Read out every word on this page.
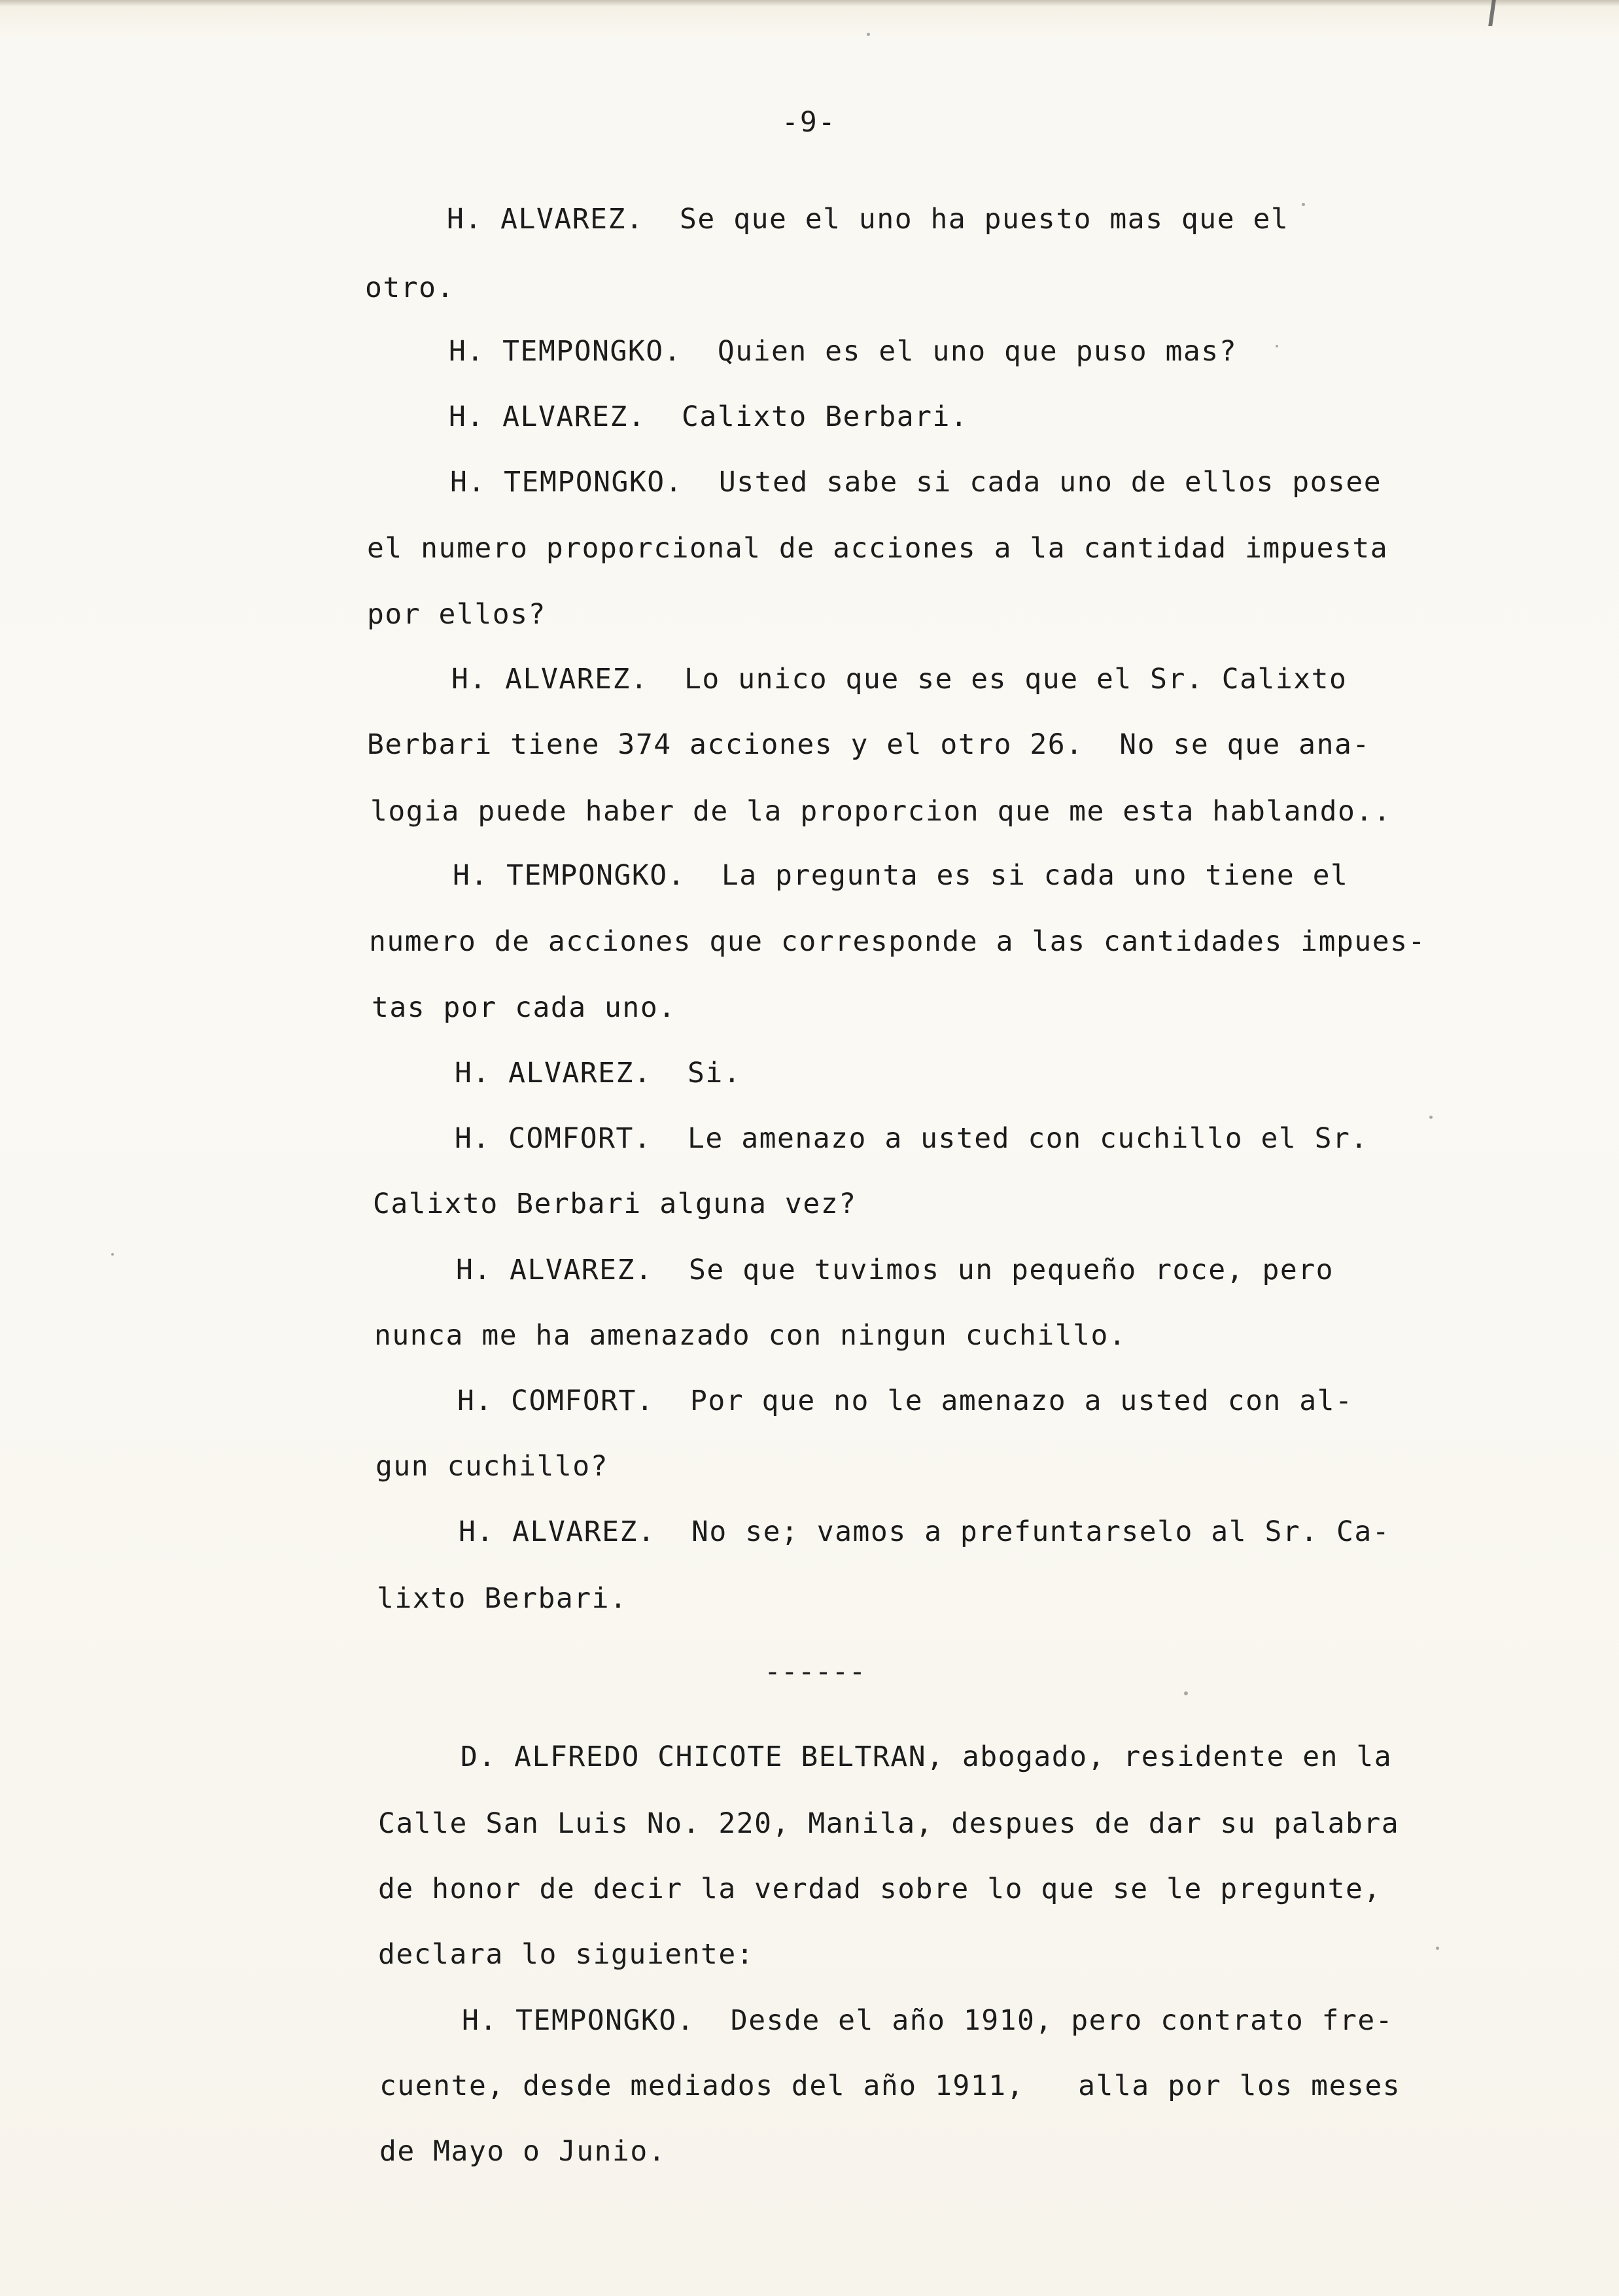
-9-
H. ALVAREZ.  Se que el uno ha puesto mas que el
otro.
H. TEMPONGKO.  Quien es el uno que puso mas?
H. ALVAREZ.  Calixto Berbari.
H. TEMPONGKO.  Usted sabe si cada uno de ellos posee
el numero proporcional de acciones a la cantidad impuesta
por ellos?
H. ALVAREZ.  Lo unico que se es que el Sr. Calixto
Berbari tiene 374 acciones y el otro 26.  No se que ana-
logia puede haber de la proporcion que me esta hablando..
H. TEMPONGKO.  La pregunta es si cada uno tiene el
numero de acciones que corresponde a las cantidades impues-
tas por cada uno.
H. ALVAREZ.  Si.
H. COMFORT.  Le amenazo a usted con cuchillo el Sr.
Calixto Berbari alguna vez?
H. ALVAREZ.  Se que tuvimos un pequeño roce, pero
nunca me ha amenazado con ningun cuchillo.
H. COMFORT.  Por que no le amenazo a usted con al-
gun cuchillo?
H. ALVAREZ.  No se; vamos a prefuntarselo al Sr. Ca-
lixto Berbari.
------
D. ALFREDO CHICOTE BELTRAN, abogado, residente en la
Calle San Luis No. 220, Manila, despues de dar su palabra
de honor de decir la verdad sobre lo que se le pregunte,
declara lo siguiente:
H. TEMPONGKO.  Desde el año 1910, pero contrato fre-
cuente, desde mediados del año 1911,   alla por los meses
de Mayo o Junio.
